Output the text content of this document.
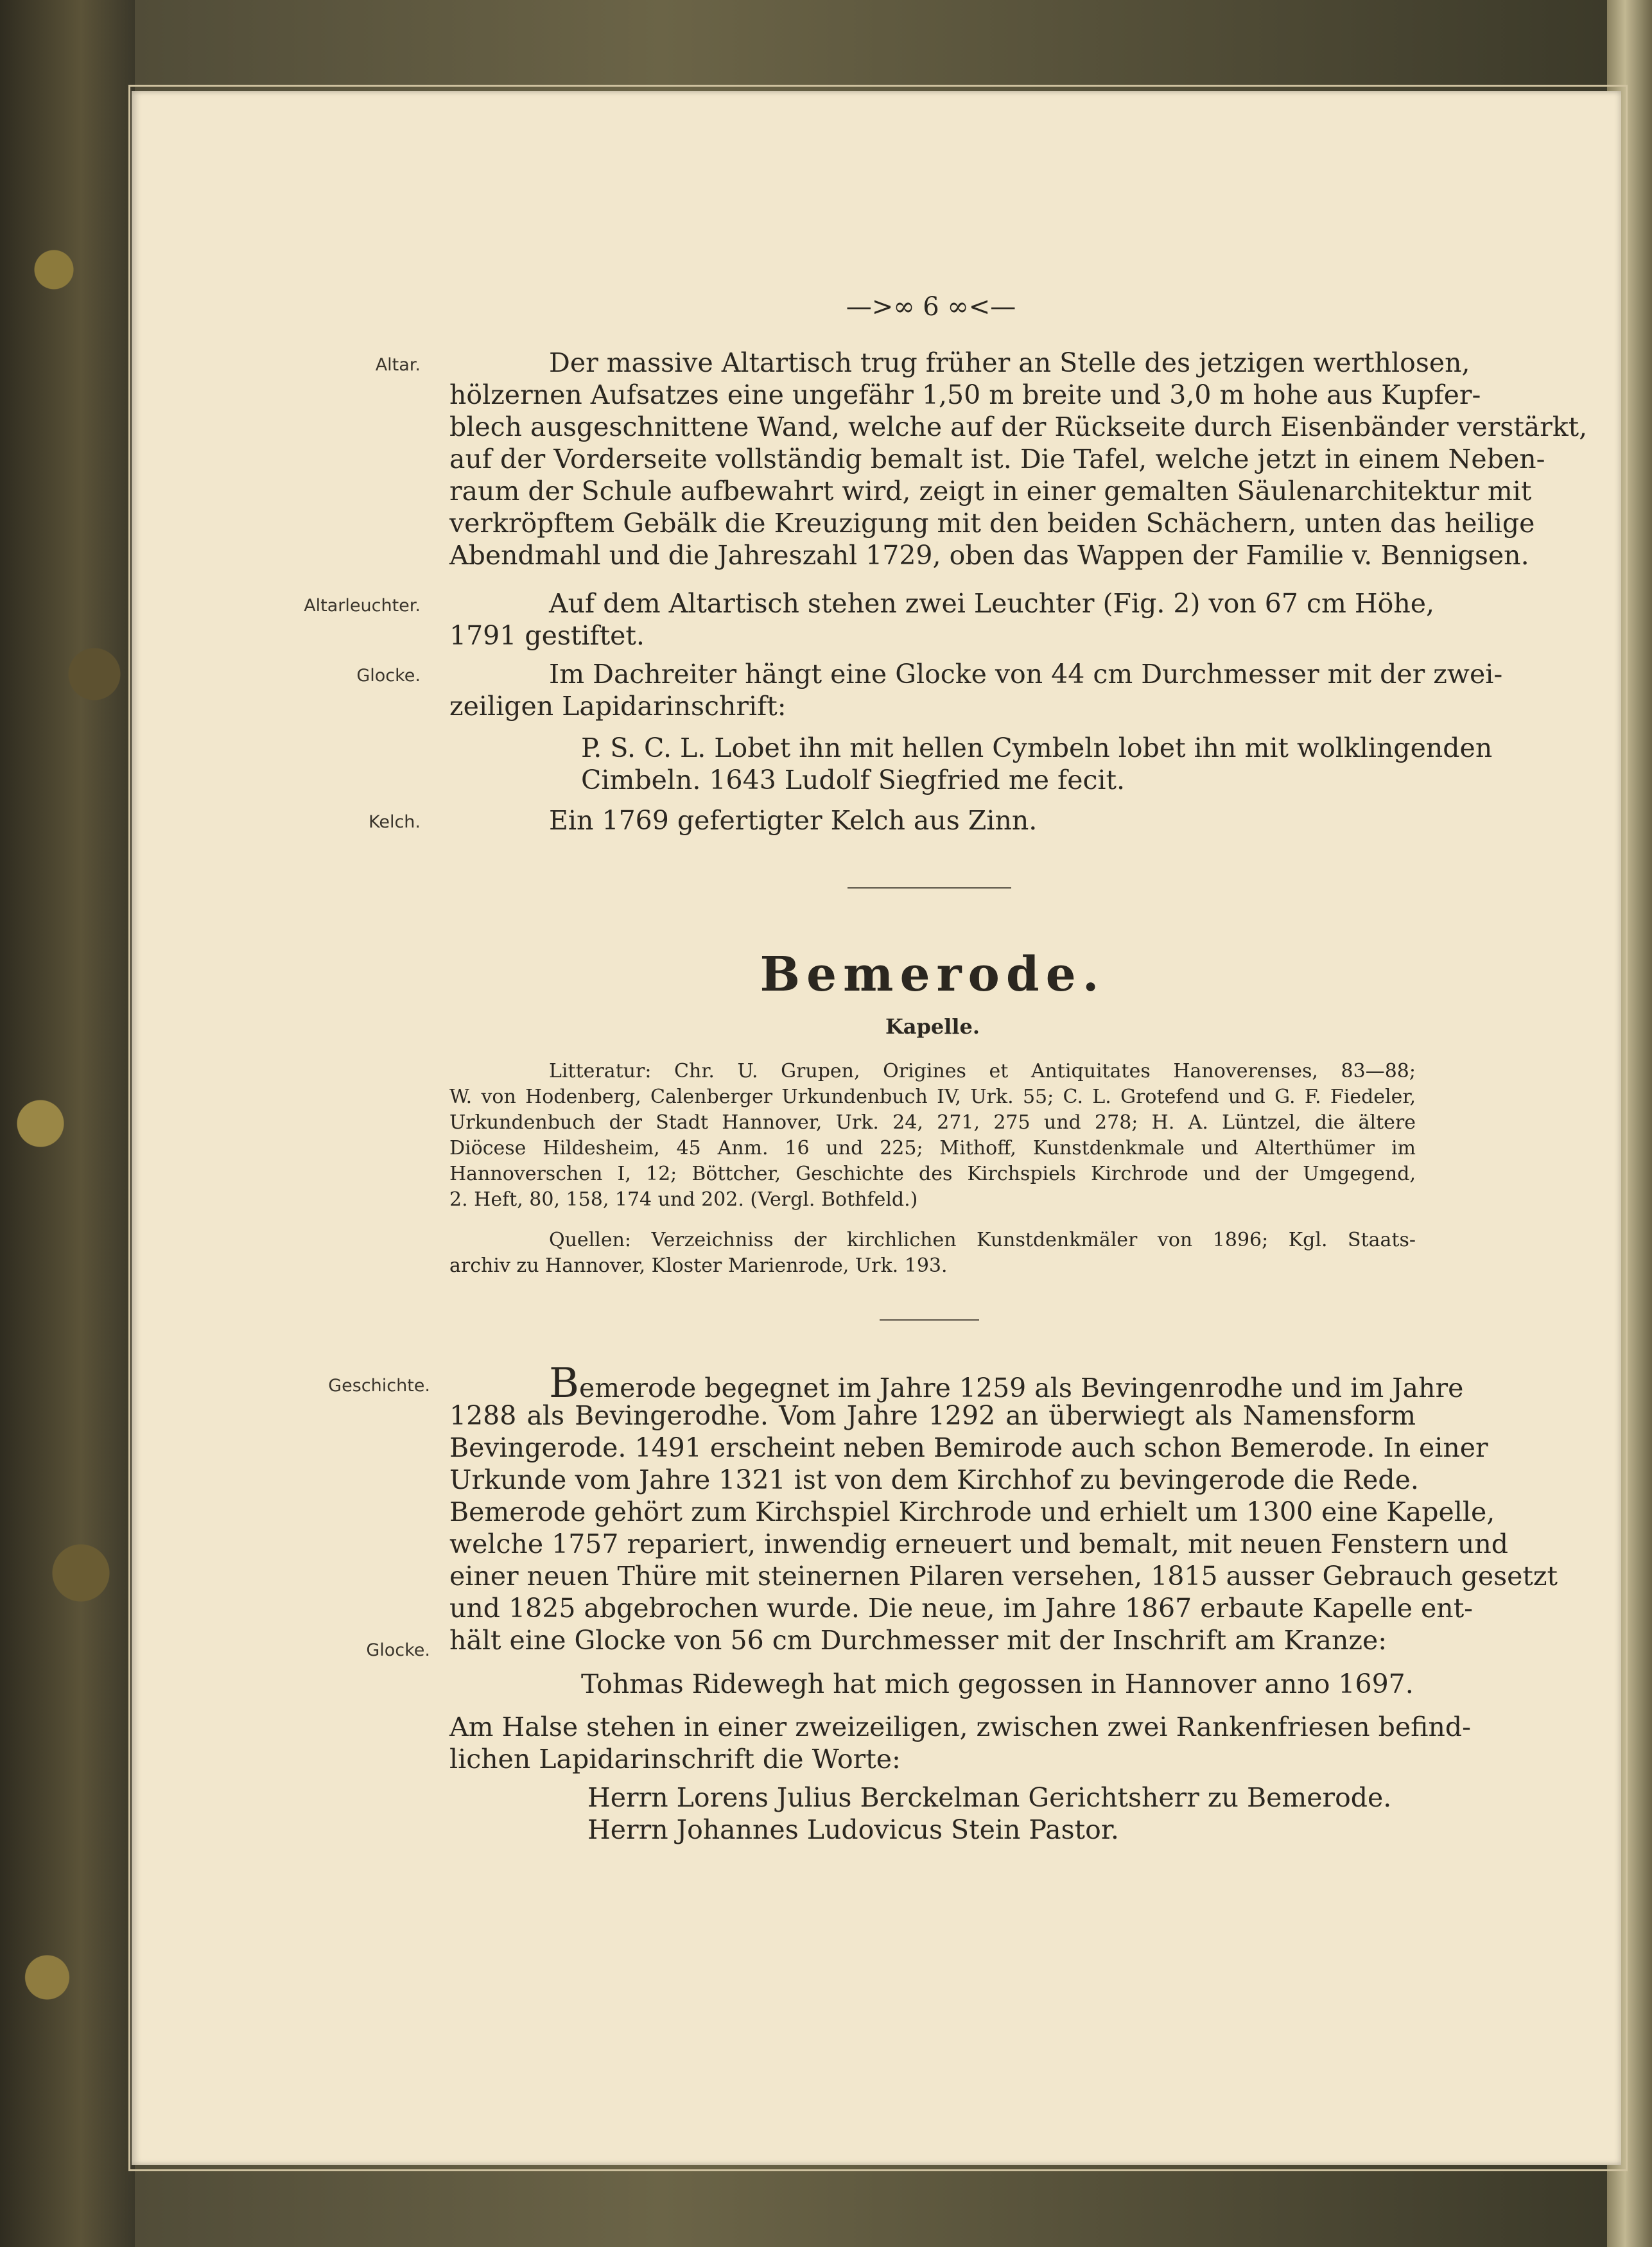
—>∞ 6 ∞<—
Altar.
Altarleuchter.
Glocke.
Kelch.
Geschichte.
Glocke.
Der massive Altartisch trug früher an Stelle des jetzigen werthlosen,
hölzernen Aufsatzes eine ungefähr 1,50 m breite und 3,0 m hohe aus Kupfer-
blech ausgeschnittene Wand, welche auf der Rückseite durch Eisenbänder verstärkt,
auf der Vorderseite vollständig bemalt ist. Die Tafel, welche jetzt in einem Neben-
raum der Schule aufbewahrt wird, zeigt in einer gemalten Säulenarchitektur mit
verkröpftem Gebälk die Kreuzigung mit den beiden Schächern, unten das heilige
Abendmahl und die Jahreszahl 1729, oben das Wappen der Familie v. Bennigsen.
Auf dem Altartisch stehen zwei Leuchter (Fig. 2) von 67 cm Höhe,
1791 gestiftet.
Im Dachreiter hängt eine Glocke von 44 cm Durchmesser mit der zwei-
zeiligen Lapidarinschrift:
P. S. C. L. Lobet ihn mit hellen Cymbeln lobet ihn mit wolklingenden
Cimbeln. 1643 Ludolf Siegfried me fecit.
Ein 1769 gefertigter Kelch aus Zinn.
Bemerode.
Kapelle.
Litteratur: Chr. U. Grupen, Origines et Antiquitates Hanoverenses, 83—88;
W. von Hodenberg, Calenberger Urkundenbuch IV, Urk. 55; C. L. Grotefend und G. F. Fiedeler,
Urkundenbuch der Stadt Hannover, Urk. 24, 271, 275 und 278; H. A. Lüntzel, die ältere
Diöcese Hildesheim, 45 Anm. 16 und 225; Mithoff, Kunstdenkmale und Alterthümer im
Hannoverschen I, 12; Böttcher, Geschichte des Kirchspiels Kirchrode und der Umgegend,
2. Heft, 80, 158, 174 und 202. (Vergl. Bothfeld.)
Quellen: Verzeichniss der kirchlichen Kunstdenkmäler von 1896; Kgl. Staats-
archiv zu Hannover, Kloster Marienrode, Urk. 193.
Bemerode begegnet im Jahre 1259 als Bevingenrodhe und im Jahre
1288 als Bevingerodhe. Vom Jahre 1292 an überwiegt als Namensform
Bevingerode. 1491 erscheint neben Bemirode auch schon Bemerode. In einer
Urkunde vom Jahre 1321 ist von dem Kirchhof zu bevingerode die Rede.
Bemerode gehört zum Kirchspiel Kirchrode und erhielt um 1300 eine Kapelle,
welche 1757 repariert, inwendig erneuert und bemalt, mit neuen Fenstern und
einer neuen Thüre mit steinernen Pilaren versehen, 1815 ausser Gebrauch gesetzt
und 1825 abgebrochen wurde. Die neue, im Jahre 1867 erbaute Kapelle ent-
hält eine Glocke von 56 cm Durchmesser mit der Inschrift am Kranze:
Tohmas Ridewegh hat mich gegossen in Hannover anno 1697.
Am Halse stehen in einer zweizeiligen, zwischen zwei Rankenfriesen befind-
lichen Lapidarinschrift die Worte:
Herrn Lorens Julius Berckelman Gerichtsherr zu Bemerode.
Herrn Johannes Ludovicus Stein Pastor.
